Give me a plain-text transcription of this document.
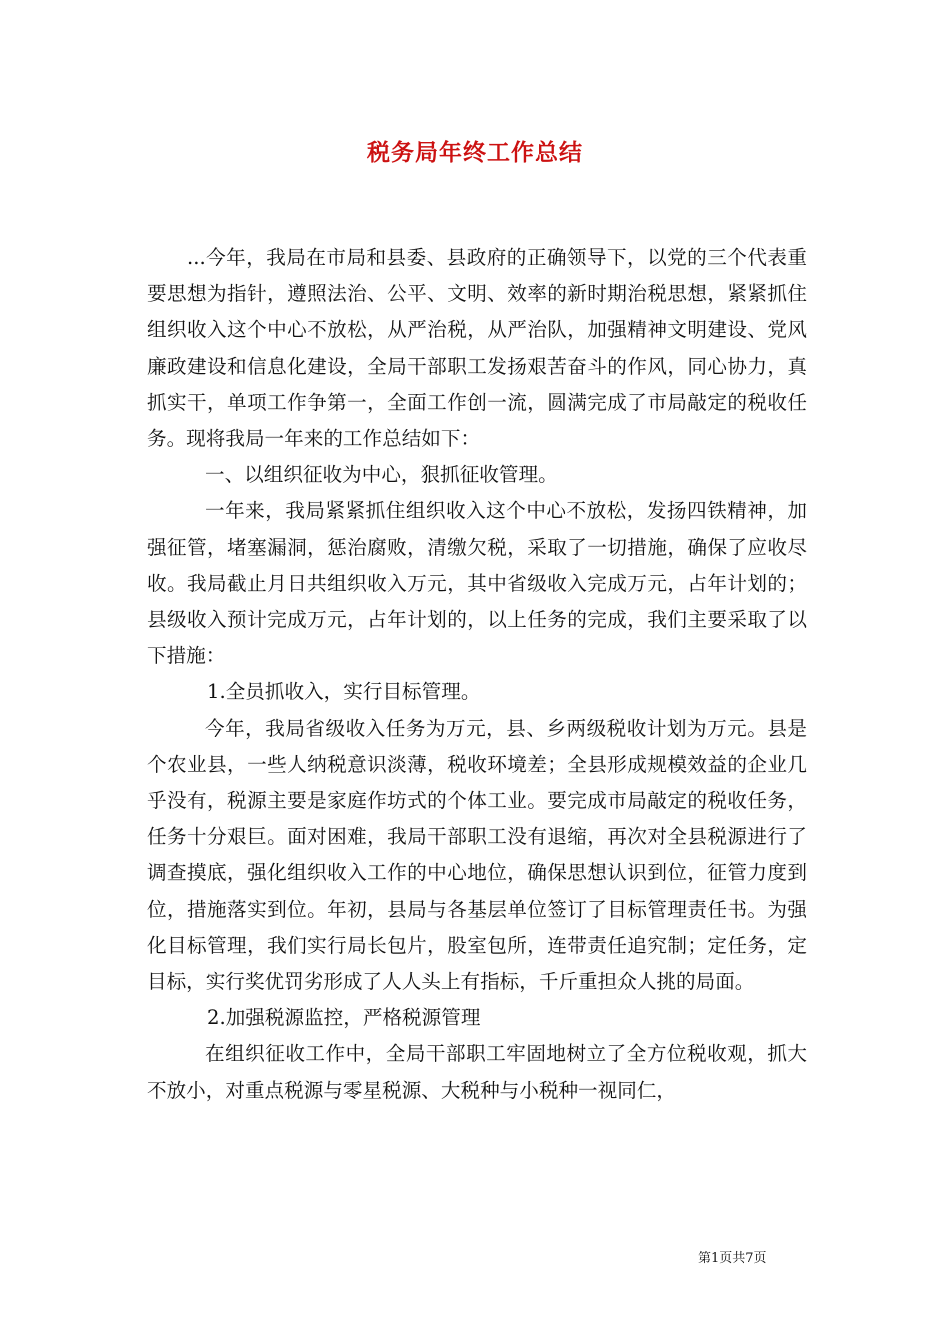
税务局年终工作总结

...今年，我局在市局和县委、县政府的正确领导下，以党的三个代表重要思想为指针，遵照法治、公平、文明、效率的新时期治税思想，紧紧抓住组织收入这个中心不放松，从严治税，从严治队，加强精神文明建设、党风廉政建设和信息化建设，全局干部职工发扬艰苦奋斗的作风，同心协力，真抓实干，单项工作争第一，全面工作创一流，圆满完成了市局敲定的税收任务。现将我局一年来的工作总结如下：

一、以组织征收为中心，狠抓征收管理。

一年来，我局紧紧抓住组织收入这个中心不放松，发扬四铁精神，加强征管，堵塞漏洞，惩治腐败，清缴欠税，采取了一切措施，确保了应收尽收。我局截止月日共组织收入万元，其中省级收入完成万元，占年计划的；县级收入预计完成万元，占年计划的，以上任务的完成，我们主要采取了以下措施：

1.全员抓收入，实行目标管理。

今年，我局省级收入任务为万元，县、乡两级税收计划为万元。县是个农业县，一些人纳税意识淡薄，税收环境差；全县形成规模效益的企业几乎没有，税源主要是家庭作坊式的个体工业。要完成市局敲定的税收任务，任务十分艰巨。面对困难，我局干部职工没有退缩，再次对全县税源进行了调查摸底，强化组织收入工作的中心地位，确保思想认识到位，征管力度到位，措施落实到位。年初，县局与各基层单位签订了目标管理责任书。为强化目标管理，我们实行局长包片，股室包所，连带责任追究制；定任务，定目标，实行奖优罚劣形成了人人头上有指标，千斤重担众人挑的局面。

2.加强税源监控，严格税源管理

在组织征收工作中，全局干部职工牢固地树立了全方位税收观，抓大不放小，对重点税源与零星税源、大税种与小税种一视同仁，

第1页共7页
